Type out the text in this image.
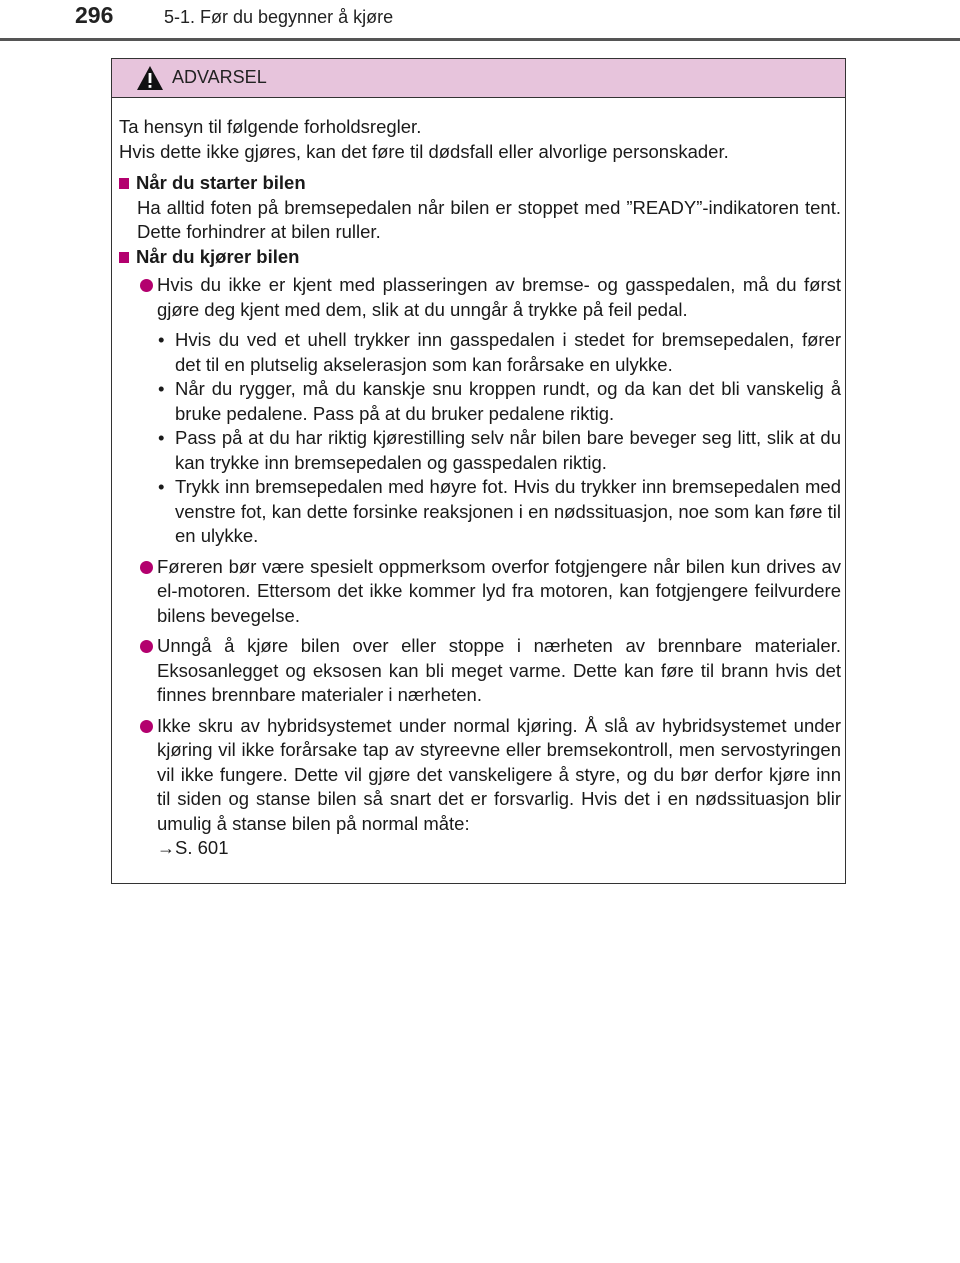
296	5-1. Før du begynner å kjøre
ADVARSEL

Ta hensyn til følgende forholdsregler.
Hvis dette ikke gjøres, kan det føre til dødsfall eller alvorlige personskader.

Når du starter bilen

Ha alltid foten på bremsepedalen når bilen er stoppet med ”READY”-indikatoren tent. Dette forhindrer at bilen ruller.

Når du kjører bilen

Hvis du ikke er kjent med plasseringen av bremse- og gasspedalen, må du først gjøre deg kjent med dem, slik at du unngår å trykke på feil pedal.
• Hvis du ved et uhell trykker inn gasspedalen i stedet for bremsepedalen, fører det til en plutselig akselerasjon som kan forårsake en ulykke.
• Når du rygger, må du kanskje snu kroppen rundt, og da kan det bli vanskelig å bruke pedalene. Pass på at du bruker pedalene riktig.
• Pass på at du har riktig kjørestilling selv når bilen bare beveger seg litt, slik at du kan trykke inn bremsepedalen og gasspedalen riktig.
• Trykk inn bremsepedalen med høyre fot. Hvis du trykker inn bremsepedalen med venstre fot, kan dette forsinke reaksjonen i en nødssituasjon, noe som kan føre til en ulykke.
Føreren bør være spesielt oppmerksom overfor fotgjengere når bilen kun drives av el-motoren. Ettersom det ikke kommer lyd fra motoren, kan fotgjengere feilvurdere bilens bevegelse.
Unngå å kjøre bilen over eller stoppe i nærheten av brennbare materialer. Eksosanlegget og eksosen kan bli meget varme. Dette kan føre til brann hvis det finnes brennbare materialer i nærheten.
Ikke skru av hybridsystemet under normal kjøring. Å slå av hybridsystemet under kjøring vil ikke forårsake tap av styreevne eller bremsekontroll, men servostyringen vil ikke fungere. Dette vil gjøre det vanskeligere å styre, og du bør derfor kjøre inn til siden og stanse bilen så snart det er forsvarlig. Hvis det i en nødssituasjon blir umulig å stanse bilen på normal måte:
→S. 601
